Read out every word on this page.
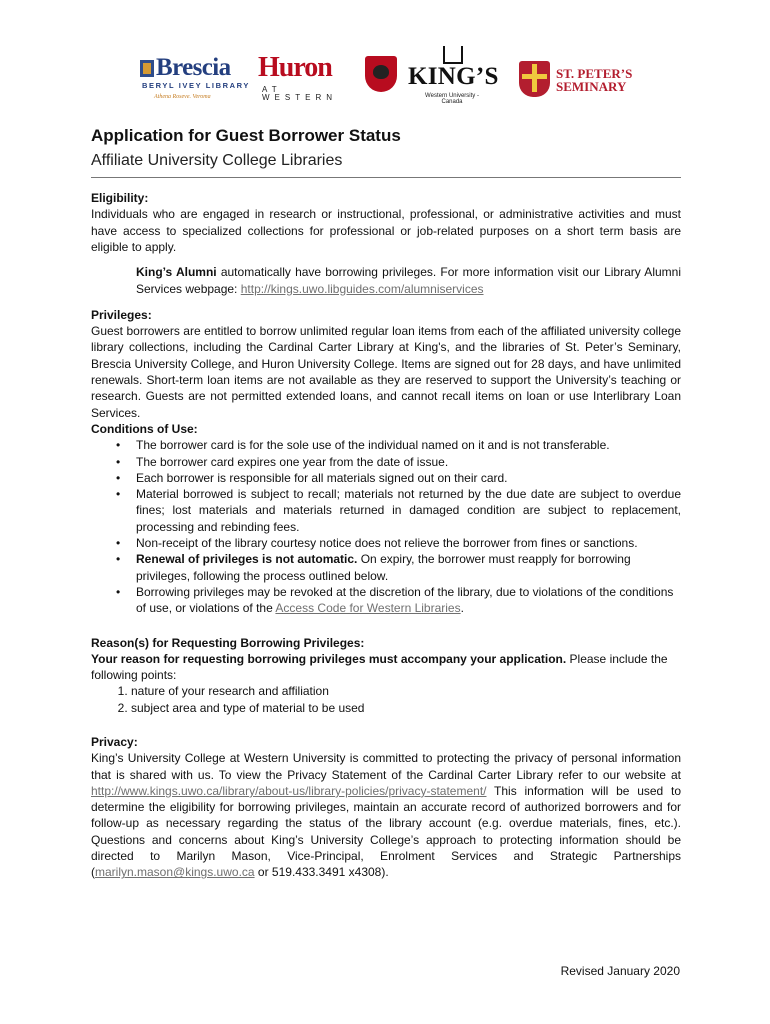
Brescia
BERYL IVEY LIBRARY
Athena Roseve. Veroma
Huron
AT WESTERN
KING’S
Western University - Canada
ST. PETER’S
SEMINARY
Application for Guest Borrower Status
Affiliate University College Libraries
Eligibility:

Individuals who are engaged in research or instructional, professional, or administrative activities and must have access to specialized collections for professional or job-related purposes on a short term basis are eligible to apply.

King’s Alumni automatically have borrowing privileges. For more information visit our Library Alumni Services webpage: http://kings.uwo.libguides.com/alumniservices

Privileges:

Guest borrowers are entitled to borrow unlimited regular loan items from each of the affiliated university college library collections, including the Cardinal Carter Library at King's, and the libraries of St. Peter’s Seminary, Brescia University College, and Huron University College. Items are signed out for 28 days, and have unlimited renewals. Short-term loan items are not available as they are reserved to support the University’s teaching or research. Guests are not permitted extended loans, and cannot recall items on loan or use Interlibrary Loan Services.

Conditions of Use:
• The borrower card is for the sole use of the individual named on it and is not transferable.
• The borrower card expires one year from the date of issue.
• Each borrower is responsible for all materials signed out on their card.
• Material borrowed is subject to recall; materials not returned by the due date are subject to overdue fines; lost materials and materials returned in damaged condition are subject to replacement, processing and rebinding fees.
• Non-receipt of the library courtesy notice does not relieve the borrower from fines or sanctions.
• Renewal of privileges is not automatic. On expiry, the borrower must reapply for borrowing privileges, following the process outlined below.
• Borrowing privileges may be revoked at the discretion of the library, due to violations of the conditions of use, or violations of the Access Code for Western Libraries.
Reason(s) for Requesting Borrowing Privileges:

Your reason for requesting borrowing privileges must accompany your application. Please include the following points:

1. nature of your research and affiliation
2. subject area and type of material to be used
Privacy:

King’s University College at Western University is committed to protecting the privacy of personal information that is shared with us. To view the Privacy Statement of the Cardinal Carter Library refer to our website at http://www.kings.uwo.ca/library/about-us/library-policies/privacy-statement/ This information will be used to determine the eligibility for borrowing privileges, maintain an accurate record of authorized borrowers and for follow-up as necessary regarding the status of the library account (e.g. overdue materials, fines, etc.). Questions and concerns about King’s University College’s approach to protecting information should be directed to Marilyn Mason, Vice-Principal, Enrolment Services and Strategic Partnerships (marilyn.mason@kings.uwo.ca or 519.433.3491 x4308).

Revised January 2020
